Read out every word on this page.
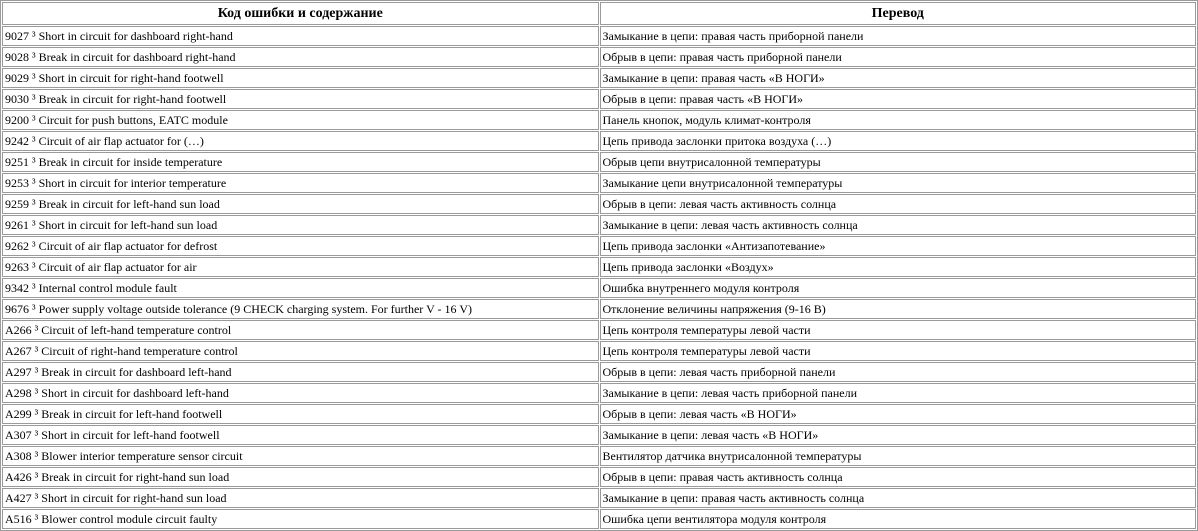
Код ошибки и содержание	Перевод
9027 ³ Short in circuit for dashboard right-hand	Замыкание в цепи: правая часть приборной панели
9028 ³ Break in circuit for dashboard right-hand	Обрыв в цепи: правая часть приборной панели
9029 ³ Short in circuit for right-hand footwell	Замыкание в цепи: правая часть «В НОГИ»
9030 ³ Break in circuit for right-hand footwell	Обрыв в цепи: правая часть «В НОГИ»
9200 ³ Circuit for push buttons, EATC module	Панель кнопок, модуль климат-контроля
9242 ³ Circuit of air flap actuator for (…)	Цепь привода заслонки притока воздуха (…)
9251 ³ Break in circuit for inside temperature	Обрыв цепи внутрисалонной температуры
9253 ³ Short in circuit for interior temperature	Замыкание цепи внутрисалонной температуры
9259 ³ Break in circuit for left-hand sun load	Обрыв в цепи: левая часть активность солнца
9261 ³ Short in circuit for left-hand sun load	Замыкание в цепи: левая часть активность солнца
9262 ³ Circuit of air flap actuator for defrost	Цепь привода заслонки «Антизапотевание»
9263 ³ Circuit of air flap actuator for air	Цепь привода заслонки «Воздух»
9342 ³ Internal control module fault	Ошибка внутреннего модуля контроля
9676 ³ Power supply voltage outside tolerance (9 CHECK charging system. For further V - 16 V)	Отклонение величины напряжения (9-16 В)
A266 ³ Circuit of left-hand temperature control	Цепь контроля температуры левой части
A267 ³ Circuit of right-hand temperature control	Цепь контроля температуры левой части
A297 ³ Break in circuit for dashboard left-hand	Обрыв в цепи: левая часть приборной панели
A298 ³ Short in circuit for dashboard left-hand	Замыкание в цепи: левая часть приборной панели
A299 ³ Break in circuit for left-hand footwell	Обрыв в цепи: левая часть «В НОГИ»
A307 ³ Short in circuit for left-hand footwell	Замыкание в цепи: левая часть «В НОГИ»
A308 ³ Blower interior temperature sensor circuit	Вентилятор датчика внутрисалонной температуры
A426 ³ Break in circuit for right-hand sun load	Обрыв в цепи: правая часть активность солнца
A427 ³ Short in circuit for right-hand sun load	Замыкание в цепи: правая часть активность солнца
A516 ³ Blower control module circuit faulty	Ошибка цепи вентилятора модуля контроля
